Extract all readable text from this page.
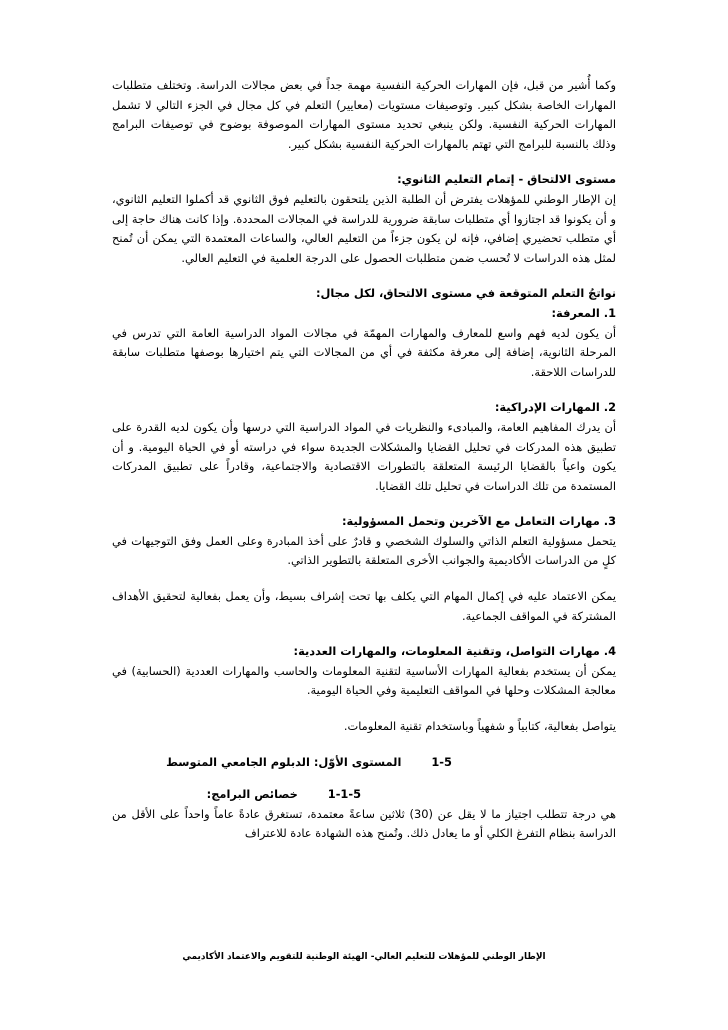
وكما أُشير من قبل، فإن المهارات الحركية النفسية مهمة جداً في بعض مجالات الدراسة. وتختلف متطلبات المهارات الخاصة بشكل كبير. وتوصيفات مستويات (معايير) التعلم في كل مجال في الجزء التالي لا تشمل المهارات الحركية النفسية. ولكن ينبغي تحديد مستوى المهارات الموصوفة بوضوح في توصيفات البرامج وذلك بالنسبة للبرامج التي تهتم بالمهارات الحركية النفسية بشكل كبير.

مستوى الالتحاق - إتمام التعليم الثانوي:

إن الإطار الوطني للمؤهلات يفترض أن الطلبة الذين يلتحقون بالتعليم فوق الثانوي قد أكملوا التعليم الثانوي، و أن يكونوا قد اجتازوا أي متطلبات سابقة ضرورية للدراسة في المجالات المحددة. وإذا كانت هناك حاجة إلى أي متطلب تحضيري إضافي، فإنه لن يكون جزءاً من التعليم العالي، والساعات المعتمدة التي يمكن أن تُمنح لمثل هذه الدراسات لا تُحسب ضمن متطلبات الحصول على الدرجة العلمية في التعليم العالي.

نواتجُ التعلم المتوقعة في مستوى الالتحاق، لكل مجال:

1. المعرفة:

أن يكون لديه فهم واسع للمعارف والمهارات المهمّة في مجالات المواد الدراسية العامة التي تدرس في المرحلة الثانوية، إضافة إلى معرفة مكثفة في أي من المجالات التي يتم اختيارها بوصفها متطلبات سابقة للدراسات اللاحقة.

2. المهارات الإدراكية:

أن يدرك المفاهيم العامة، والمبادىء والنظريات في المواد الدراسية التي درسها وأن يكون لديه القدرة على تطبيق هذه المدركات في تحليل القضايا والمشكلات الجديدة سواء في دراسته أو في الحياة اليومية. و أن يكون واعياً بالقضايا الرئيسة المتعلقة بالتطورات الاقتصادية والاجتماعية، وقادراً على تطبيق المدركات المستمدة من تلك الدراسات في تحليل تلك القضايا.

3. مهارات التعامل مع الآخرين وتحمل المسؤولية:

يتحمل مسؤولية التعلم الذاتي والسلوك الشخصي و قادرٌ على أخذ المبادرة وعلى العمل وفق التوجيهات في كلٍ من الدراسات الأكاديمية والجوانب الأخرى المتعلقة بالتطوير الذاتي.

يمكن الاعتماد عليه في إكمال المهام التي يكلف بها تحت إشراف بسيط، وأن يعمل بفعالية لتحقيق الأهداف المشتركة في المواقف الجماعية.

4. مهارات التواصل، وتقنية المعلومات، والمهارات العددية:

يمكن أن يستخدم بفعالية المهارات الأساسية لتقنية المعلومات والحاسب والمهارات العددية (الحسابية) في معالجة المشكلات وحلها في المواقف التعليمية وفي الحياة اليومية.

يتواصل بفعالية، كتابياً و شفهياً وباستخدام تقنية المعلومات.

1-5 المستوى الأوّل: الدبلوم الجامعي المتوسط

1-1-5 خصائص البرامج:

هي درجة تتطلب اجتياز ما لا يقل عن (30) ثلاثين ساعةً معتمدة، تستغرق عادةً عاماً واحداً على الأقل من الدراسة بنظام التفرغ الكلي أو ما يعادل ذلك. وتُمنح هذه الشهادة عادة للاعتراف

الإطار الوطني للمؤهلات للتعليم العالي- الهيئة الوطنية للتقويم والاعتماد الأكاديمي
